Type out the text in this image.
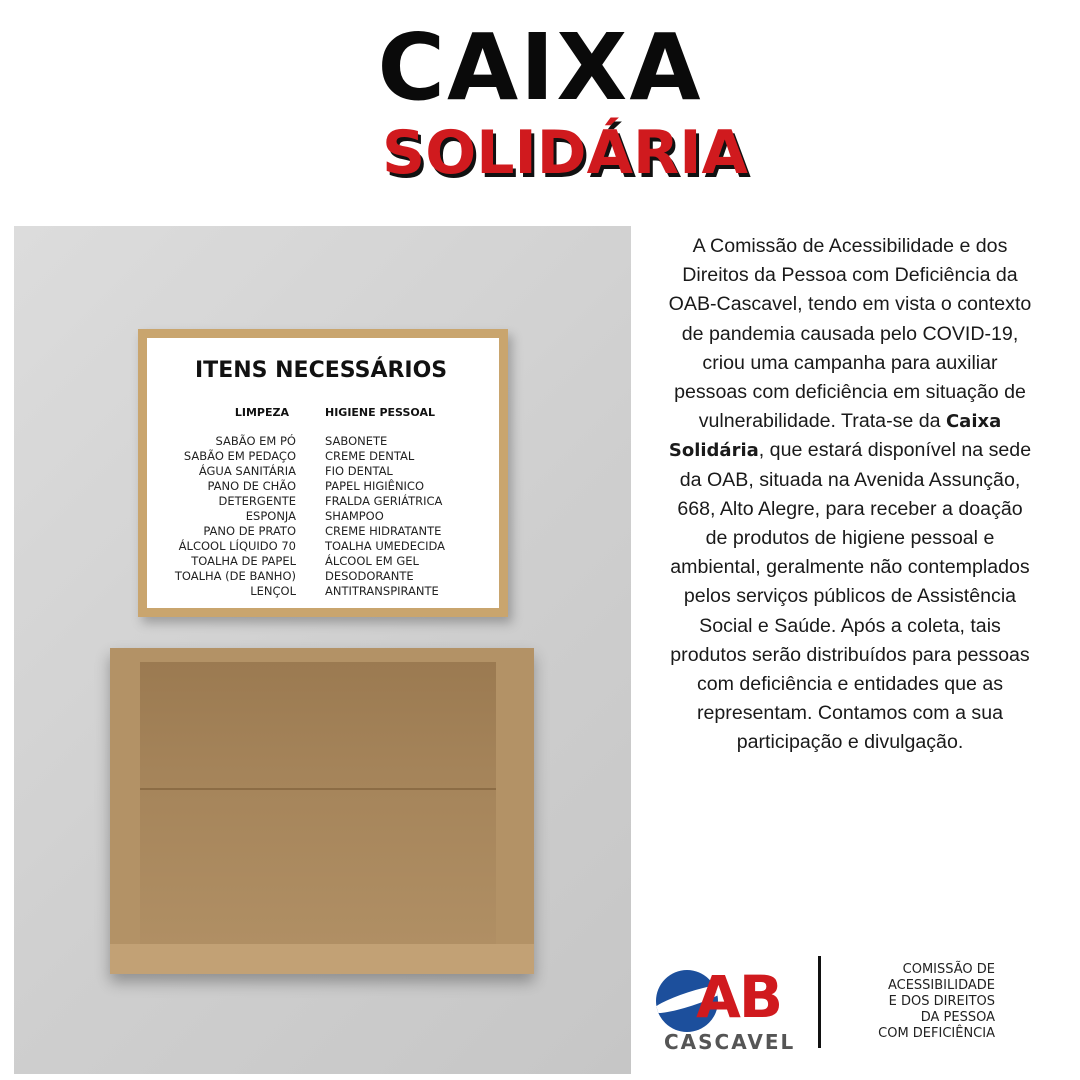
CAIXA
SOLIDÁRIA
ITENS NECESSÁRIOS
LIMPEZA	HIGIENE PESSOAL
SABÃO EM PÓ
SABÃO EM PEDAÇO
ÁGUA SANITÁRIA
PANO DE CHÃO
DETERGENTE
ESPONJA
PANO DE PRATO
ÁLCOOL LÍQUIDO 70
TOALHA DE PAPEL
TOALHA (DE BANHO)
LENÇOL
SABONETE
CREME DENTAL
FIO DENTAL
PAPEL HIGIÊNICO
FRALDA GERIÁTRICA
SHAMPOO
CREME HIDRATANTE
TOALHA UMEDECIDA
ÁLCOOL EM GEL
DESODORANTE
ANTITRANSPIRANTE
A Comissão de Acessibilidade e dos Direitos da Pessoa com Deficiência da OAB-Cascavel, tendo em vista o contexto de pandemia causada pelo COVID-19, criou uma campanha para auxiliar pessoas com deficiência em situação de vulnerabilidade. Trata-se da Caixa Solidária, que estará disponível na sede da OAB, situada na Avenida Assunção, 668, Alto Alegre, para receber a doação de produtos de higiene pessoal e ambiental, geralmente não contemplados pelos serviços públicos de Assistência Social e Saúde. Após a coleta, tais produtos serão distribuídos para pessoas com deficiência e entidades que as representam. Contamos com a sua participação e divulgação.
AB
CASCAVEL
COMISSÃO DE
ACESSIBILIDADE
E DOS DIREITOS
DA PESSOA
COM DEFICIÊNCIA
